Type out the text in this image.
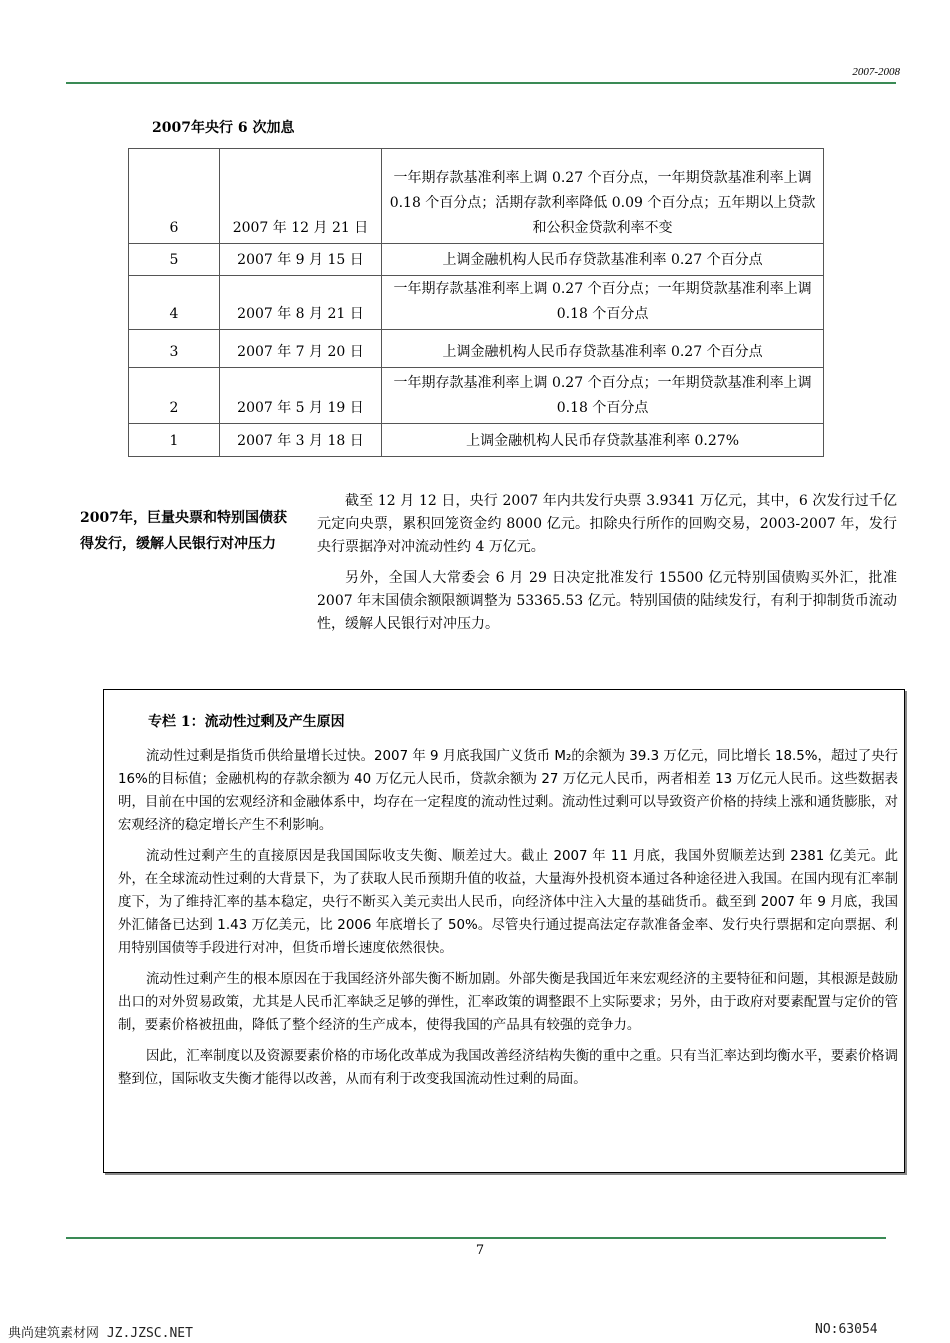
2007-2008
2007年央行 6 次加息
6	2007 年 12 月 21 日	一年期存款基准利率上调 0.27 个百分点，一年期贷款基准利率上调 0.18 个百分点；活期存款利率降低 0.09 个百分点；五年期以上贷款和公积金贷款利率不变
5	2007 年 9 月 15 日	上调金融机构人民币存贷款基准利率 0.27 个百分点
4	2007 年 8 月 21 日	一年期存款基准利率上调 0.27 个百分点；一年期贷款基准利率上调 0.18 个百分点
3	2007 年 7 月 20 日	上调金融机构人民币存贷款基准利率 0.27 个百分点
2	2007 年 5 月 19 日	一年期存款基准利率上调 0.27 个百分点；一年期贷款基准利率上调 0.18 个百分点
1	2007 年 3 月 18 日	上调金融机构人民币存贷款基准利率 0.27%
2007年，巨量央票和特别国债获得发行，缓解人民银行对冲压力

截至 12 月 12 日，央行 2007 年内共发行央票 3.9341 万亿元，其中，6 次发行过千亿元定向央票，累积回笼资金约 8000 亿元。扣除央行所作的回购交易，2003-2007 年，发行央行票据净对冲流动性约 4 万亿元。

另外，全国人大常委会 6 月 29 日决定批准发行 15500 亿元特别国债购买外汇，批准 2007 年末国债余额限额调整为 53365.53 亿元。特别国债的陆续发行，有利于抑制货币流动性，缓解人民银行对冲压力。

专栏 1：流动性过剩及产生原因

流动性过剩是指货币供给量增长过快。2007 年 9 月底我国广义货币 M₂的余额为 39.3 万亿元，同比增长 18.5%，超过了央行 16%的目标值；金融机构的存款余额为 40 万亿元人民币，贷款余额为 27 万亿元人民币，两者相差 13 万亿元人民币。这些数据表明，目前在中国的宏观经济和金融体系中，均存在一定程度的流动性过剩。流动性过剩可以导致资产价格的持续上涨和通货膨胀，对宏观经济的稳定增长产生不利影响。

流动性过剩产生的直接原因是我国国际收支失衡、顺差过大。截止 2007 年 11 月底，我国外贸顺差达到 2381 亿美元。此外，在全球流动性过剩的大背景下，为了获取人民币预期升值的收益，大量海外投机资本通过各种途径进入我国。在国内现有汇率制度下，为了维持汇率的基本稳定，央行不断买入美元卖出人民币，向经济体中注入大量的基础货币。截至到 2007 年 9 月底，我国外汇储备已达到 1.43 万亿美元，比 2006 年底增长了 50%。尽管央行通过提高法定存款准备金率、发行央行票据和定向票据、利用特别国债等手段进行对冲，但货币增长速度依然很快。

流动性过剩产生的根本原因在于我国经济外部失衡不断加剧。外部失衡是我国近年来宏观经济的主要特征和问题，其根源是鼓励出口的对外贸易政策，尤其是人民币汇率缺乏足够的弹性，汇率政策的调整跟不上实际要求；另外，由于政府对要素配置与定价的管制，要素价格被扭曲，降低了整个经济的生产成本，使得我国的产品具有较强的竞争力。

因此，汇率制度以及资源要素价格的市场化改革成为我国改善经济结构失衡的重中之重。只有当汇率达到均衡水平，要素价格调整到位，国际收支失衡才能得以改善，从而有利于改变我国流动性过剩的局面。

7
典尚建筑素材网 JZ.JZSC.NET	NO:63054
